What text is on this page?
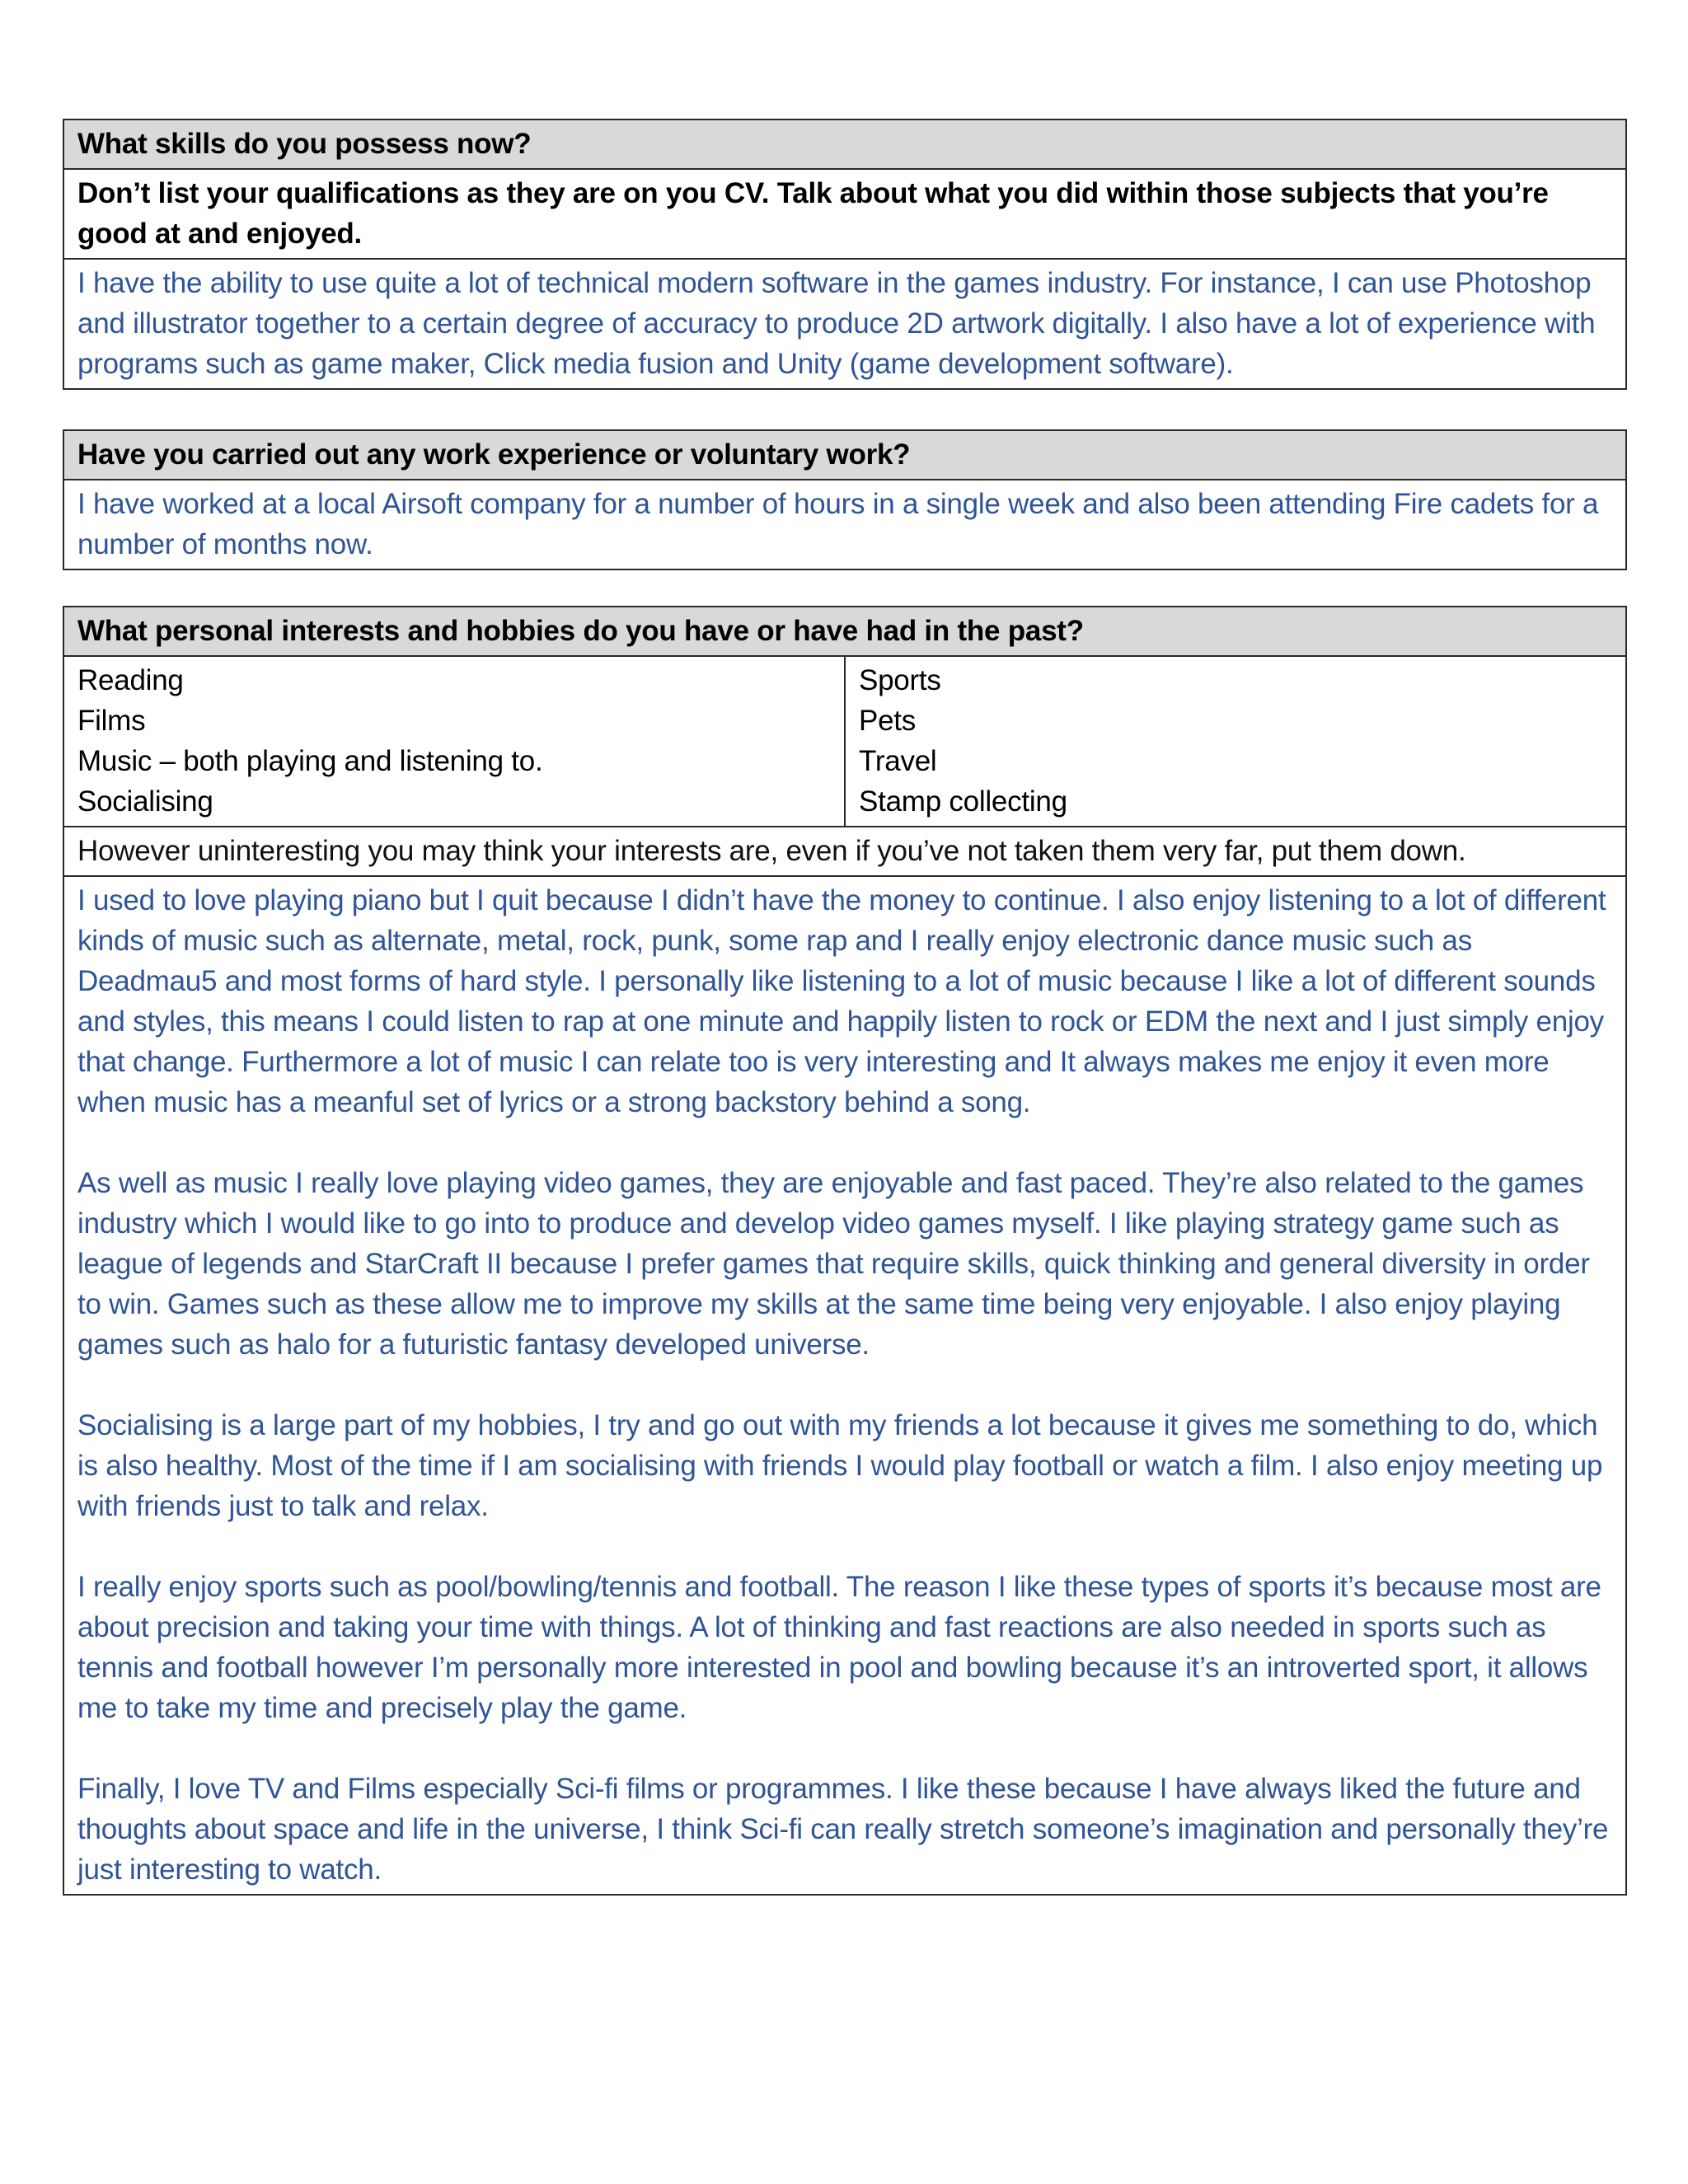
What skills do you possess now?
Don’t list your qualifications as they are on you CV. Talk about what you did within those subjects that you’re good at and enjoyed.
I have the ability to use quite a lot of technical modern software in the games industry. For instance, I can use Photoshop and illustrator together to a certain degree of accuracy to produce 2D artwork digitally. I also have a lot of experience with programs such as game maker, Click media fusion and Unity (game development software).
Have you carried out any work experience or voluntary work?
I have worked at a local Airsoft company for a number of hours in a single week and also been attending Fire cadets for a number of months now.
What personal interests and hobbies do you have or have had in the past?

Reading
Films
Music – both playing and listening to.
Socialising

Sports
Pets
Travel
Stamp collecting

However uninteresting you may think your interests are, even if you’ve not taken them very far, put them down.

I used to love playing piano but I quit because I didn’t have the money to continue. I also enjoy listening to a lot of different kinds of music such as alternate, metal, rock, punk, some rap and I really enjoy electronic dance music such as Deadmau5 and most forms of hard style. I personally like listening to a lot of music because I like a lot of different sounds and styles, this means I could listen to rap at one minute and happily listen to rock or EDM the next and I just simply enjoy that change. Furthermore a lot of music I can relate too is very interesting and It always makes me enjoy it even more when music has a meanful set of lyrics or a strong backstory behind a song.
As well as music I really love playing video games, they are enjoyable and fast paced. They’re also related to the games industry which I would like to go into to produce and develop video games myself. I like playing strategy game such as league of legends and StarCraft II because I prefer games that require skills, quick thinking and general diversity in order to win. Games such as these allow me to improve my skills at the same time being very enjoyable. I also enjoy playing games such as halo for a futuristic fantasy developed universe.
Socialising is a large part of my hobbies, I try and go out with my friends a lot because it gives me something to do, which is also healthy. Most of the time if I am socialising with friends I would play football or watch a film. I also enjoy meeting up with friends just to talk and relax.
I really enjoy sports such as pool/bowling/tennis and football. The reason I like these types of sports it’s because most are about precision and taking your time with things. A lot of thinking and fast reactions are also needed in sports such as tennis and football however I’m personally more interested in pool and bowling because it’s an introverted sport, it allows me to take my time and precisely play the game.
Finally, I love TV and Films especially Sci-fi films or programmes. I like these because I have always liked the future and thoughts about space and life in the universe, I think Sci-fi can really stretch someone’s imagination and personally they’re just interesting to watch.
